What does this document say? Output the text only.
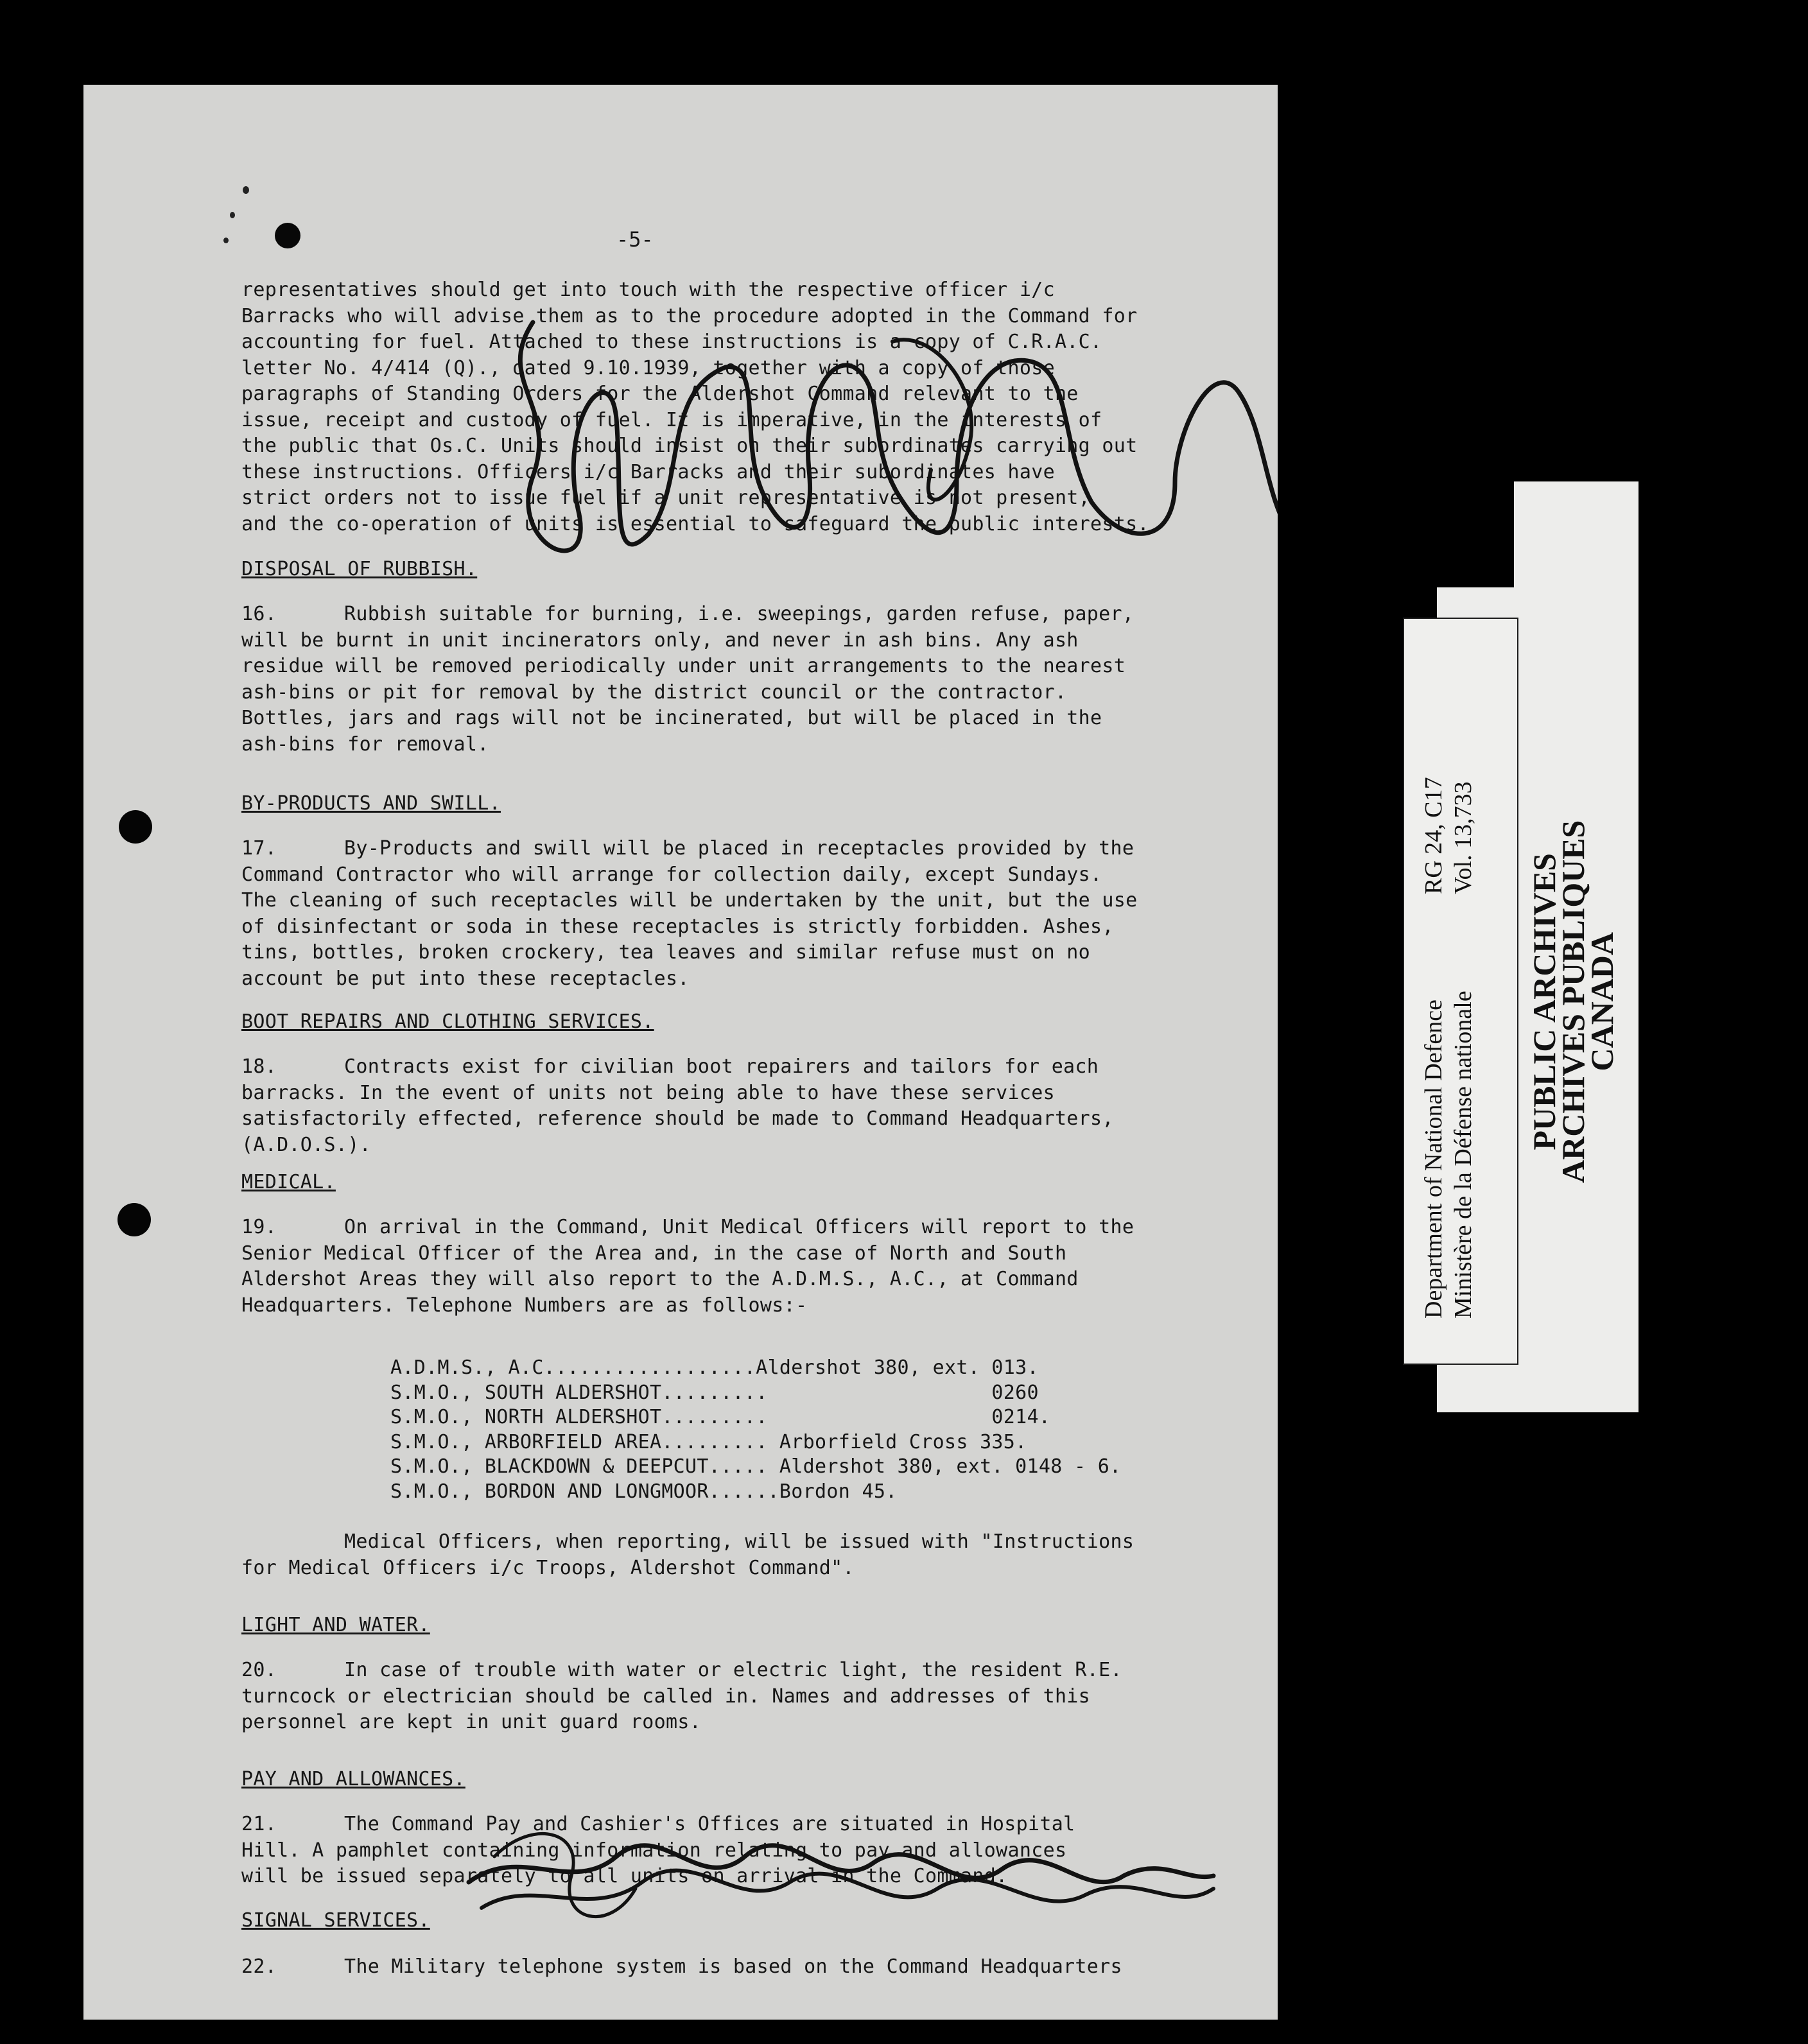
-5-
representatives should get into touch with the respective officer i/c
Barracks who will advise them as to the procedure adopted in the Command for
accounting for fuel. Attached to these instructions is a copy of C.R.A.C.
letter No. 4/414 (Q)., dated 9.10.1939, together with a copy of those
paragraphs of Standing Orders for the Aldershot Command relevant to the
issue, receipt and custody of fuel. It is imperative, in the interests of
the public that Os.C. Units should insist on their subordinates carrying out
these instructions. Officers i/c Barracks and their subordinates have
strict orders not to issue fuel if a unit representative is not present,
and the co-operation of units is essential to safeguard the public interests.
DISPOSAL OF RUBBISH.
16.	Rubbish suitable for burning, i.e. sweepings, garden refuse, paper,
will be burnt in unit incinerators only, and never in ash bins. Any ash
residue will be removed periodically under unit arrangements to the nearest
ash-bins or pit for removal by the district council or the contractor.
Bottles, jars and rags will not be incinerated, but will be placed in the
ash-bins for removal.
BY-PRODUCTS AND SWILL.
17.	By-Products and swill will be placed in receptacles provided by the
Command Contractor who will arrange for collection daily, except Sundays.
The cleaning of such receptacles will be undertaken by the unit, but the use
of disinfectant or soda in these receptacles is strictly forbidden. Ashes,
tins, bottles, broken crockery, tea leaves and similar refuse must on no
account be put into these receptacles.
BOOT REPAIRS AND CLOTHING SERVICES.
18.	Contracts exist for civilian boot repairers and tailors for each
barracks. In the event of units not being able to have these services
satisfactorily effected, reference should be made to Command Headquarters,
(A.D.O.S.).
MEDICAL.
19.	On arrival in the Command, Unit Medical Officers will report to the
Senior Medical Officer of the Area and, in the case of North and South
Aldershot Areas they will also report to the A.D.M.S., A.C., at Command
Headquarters. Telephone Numbers are as follows:-
A.D.M.S., A.C..................Aldershot 380, ext. 013.
S.M.O., SOUTH ALDERSHOT.........                   0260
S.M.O., NORTH ALDERSHOT.........                   0214.
S.M.O., ARBORFIELD AREA......... Arborfield Cross 335.
S.M.O., BLACKDOWN & DEEPCUT..... Aldershot 380, ext. 0148 - 6.
S.M.O., BORDON AND LONGMOOR......Bordon 45.
Medical Officers, when reporting, will be issued with "Instructions
for Medical Officers i/c Troops, Aldershot Command".
LIGHT AND WATER.
20.	In case of trouble with water or electric light, the resident R.E.
turncock or electrician should be called in. Names and addresses of this
personnel are kept in unit guard rooms.
PAY AND ALLOWANCES.
21.	The Command Pay and Cashier's Offices are situated in Hospital
Hill. A pamphlet containing information relating to pay and allowances
will be issued separately to all units on arrival in the Command.
SIGNAL SERVICES.
22.	The Military telephone system is based on the Command Headquarters
Department of National Defence Ministère de la Défense nationale
RG 24, C17 Vol. 13,733
PUBLIC ARCHIVES
ARCHIVES PUBLIQUES
CANADA
